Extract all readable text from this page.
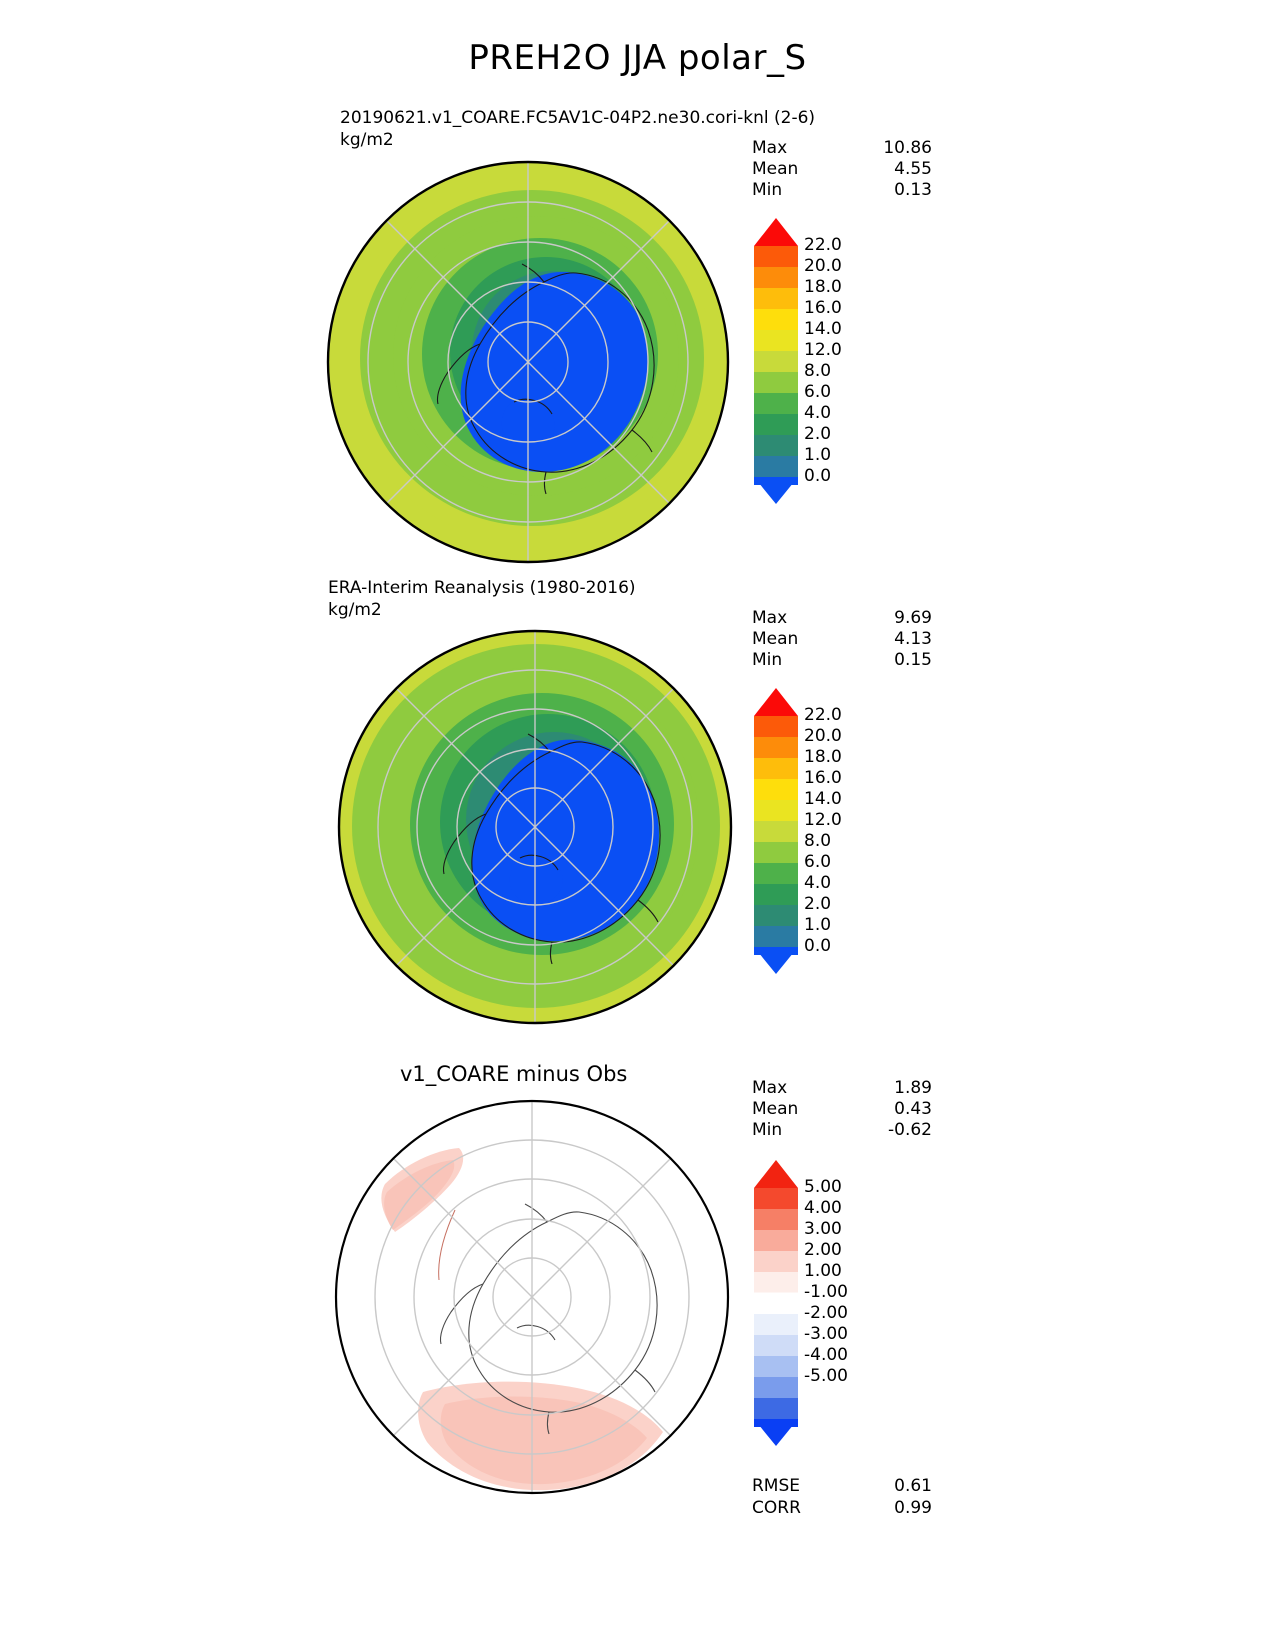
PREH2O JJA polar_S
20190621.v1_COARE.FC5AV1C-04P2.ne30.cori-knl (2-6)
kg/m2	Max	10.86
Mean	4.55
Min	0.13
22.0
20.0
18.0
16.0
14.0
12.0
8.0
6.0
4.0
2.0
1.0
0.0
ERA-Interim Reanalysis (1980-2016)
kg/m2	Max	9.69
Mean	4.13
Min	0.15
22.0
20.0
18.0
16.0
14.0
12.0
8.0
6.0
4.0
2.0
1.0
0.0
v1_COARE minus Obs
Max	1.89
Mean	0.43
Min	-0.62
5.00
4.00
3.00
2.00
1.00
-1.00
-2.00
-3.00
-4.00
-5.00
RMSE	0.61
CORR	0.99
